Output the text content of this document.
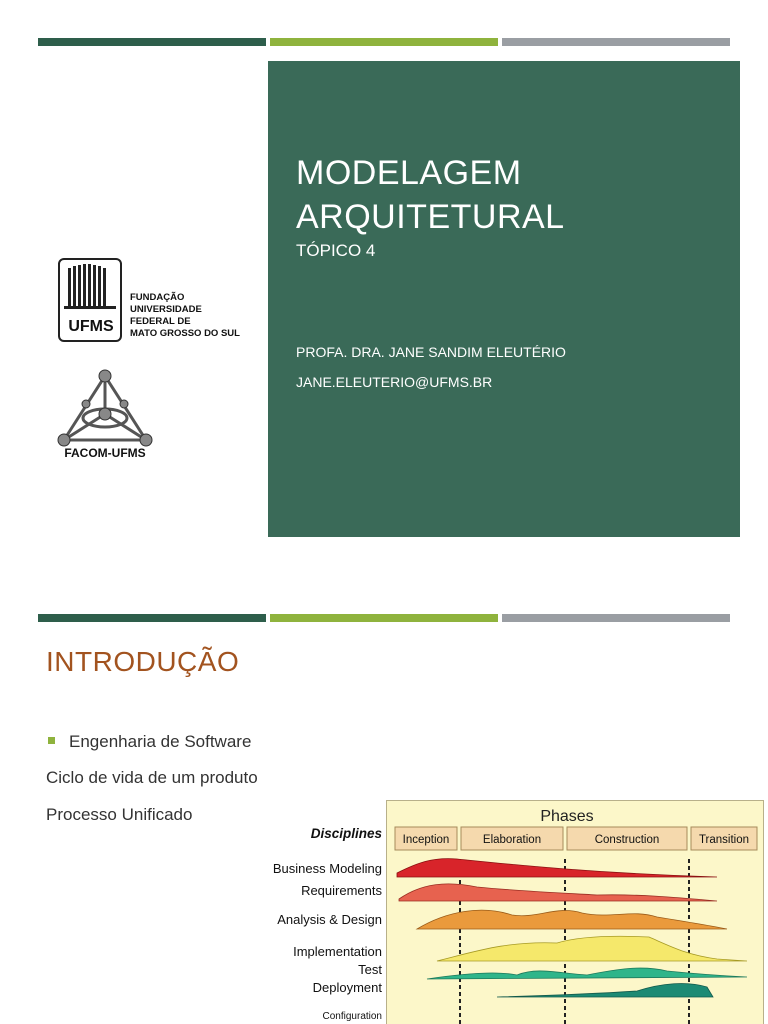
UFMS
FUNDAÇÃO
UNIVERSIDADE
FEDERAL DE
MATO GROSSO DO SUL
FACOM-UFMS
MODELAGEM ARQUITETURAL
TÓPICO 4
PROFA. DRA. JANE SANDIM ELEUTÉRIO
JANE.ELEUTERIO@UFMS.BR
INTRODUÇÃO
Engenharia de Software
Ciclo de vida de um produto
Processo Unificado
Disciplines
Business Modeling
Requirements
Analysis & Design
Implementation
Test
Deployment
Configuration
Phases
Inception	Elaboration	Construction	Transition
